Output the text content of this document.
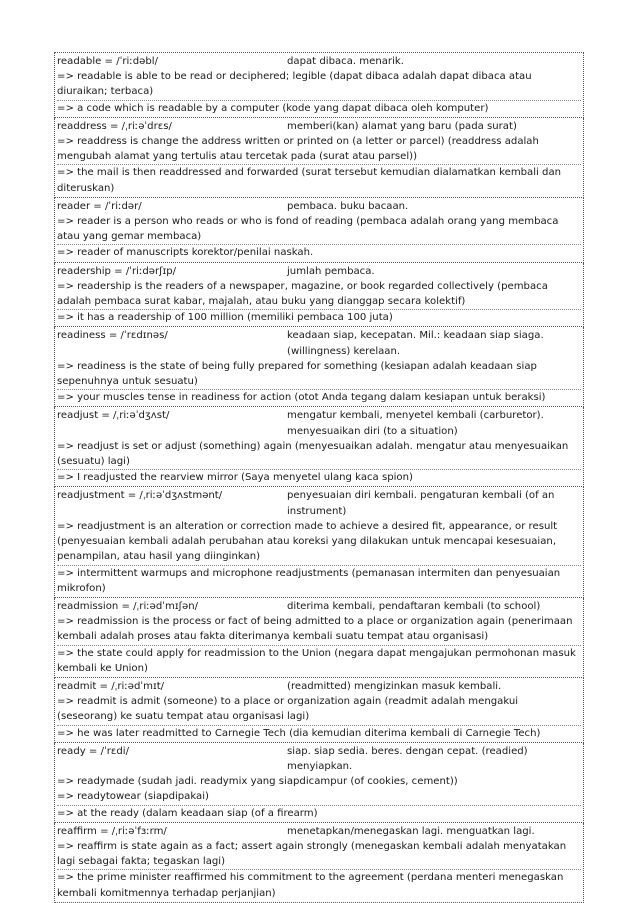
readable = /ˈriːdəbl/	dapat dibaca. menarik.
=> readable is able to be read or deciphered; legible (dapat dibaca adalah dapat dibaca atau diuraikan; terbaca)
=> a code which is readable by a computer (kode yang dapat dibaca oleh komputer)
readdress = /ˌriːəˈdrɛs/	memberi(kan) alamat yang baru (pada surat)
=> readdress is change the address written or printed on (a letter or parcel) (readdress adalah mengubah alamat yang tertulis atau tercetak pada (surat atau parsel))
=> the mail is then readdressed and forwarded (surat tersebut kemudian dialamatkan kembali dan diteruskan)
reader = /ˈriːdər/	pembaca. buku bacaan.
=> reader is a person who reads or who is fond of reading (pembaca adalah orang yang membaca atau yang gemar membaca)
=> reader of manuscripts korektor/penilai naskah.
readership = /ˈriːdərʃɪp/	jumlah pembaca.
=> readership is the readers of a newspaper, magazine, or book regarded collectively (pembaca adalah pembaca surat kabar, majalah, atau buku yang dianggap secara kolektif)
=> it has a readership of 100 million (memiliki pembaca 100 juta)
readiness = /ˈrɛdɪnəs/	keadaan siap, kecepatan. Mil.: keadaan siap siaga. (willingness) kerelaan.
=> readiness is the state of being fully prepared for something (kesiapan adalah keadaan siap sepenuhnya untuk sesuatu)
=> your muscles tense in readiness for action (otot Anda tegang dalam kesiapan untuk beraksi)
readjust = /ˌriːəˈdʒʌst/	mengatur kembali, menyetel kembali (carburetor). menyesuaikan diri (to a situation)
=> readjust is set or adjust (something) again (menyesuaikan adalah. mengatur atau menyesuaikan (sesuatu) lagi)
=> I readjusted the rearview mirror (Saya menyetel ulang kaca spion)
readjustment = /ˌriːəˈdʒʌstmənt/	penyesuaian diri kembali. pengaturan kembali (of an instrument)
=> readjustment is an alteration or correction made to achieve a desired fit, appearance, or result (penyesuaian kembali adalah perubahan atau koreksi yang dilakukan untuk mencapai kesesuaian, penampilan, atau hasil yang diinginkan)
=> intermittent warmups and microphone readjustments (pemanasan intermiten dan penyesuaian mikrofon)
readmission = /ˌriːədˈmɪʃən/	diterima kembali, pendaftaran kembali (to school)
=> readmission is the process or fact of being admitted to a place or organization again (penerimaan kembali adalah proses atau fakta diterimanya kembali suatu tempat atau organisasi)
=> the state could apply for readmission to the Union (negara dapat mengajukan permohonan masuk kembali ke Union)
readmit = /ˌriːədˈmɪt/	(readmitted) mengizinkan masuk kembali.
=> readmit is admit (someone) to a place or organization again (readmit adalah mengakui (seseorang) ke suatu tempat atau organisasi lagi)
=> he was later readmitted to Carnegie Tech (dia kemudian diterima kembali di Carnegie Tech)
ready = /ˈrɛdi/	siap. siap sedia. beres. dengan cepat. (readied) menyiapkan.
=> readymade (sudah jadi. readymix yang siapdicampur (of cookies, cement))
=> readytowear (siapdipakai)
=> at the ready (dalam keadaan siap (of a firearm)
reaffirm = /ˌriːəˈfɜːrm/	menetapkan/menegaskan lagi. menguatkan lagi.
=> reaffirm is state again as a fact; assert again strongly (menegaskan kembali adalah menyatakan lagi sebagai fakta; tegaskan lagi)
=> the prime minister reaffirmed his commitment to the agreement (perdana menteri menegaskan kembali komitmennya terhadap perjanjian)
